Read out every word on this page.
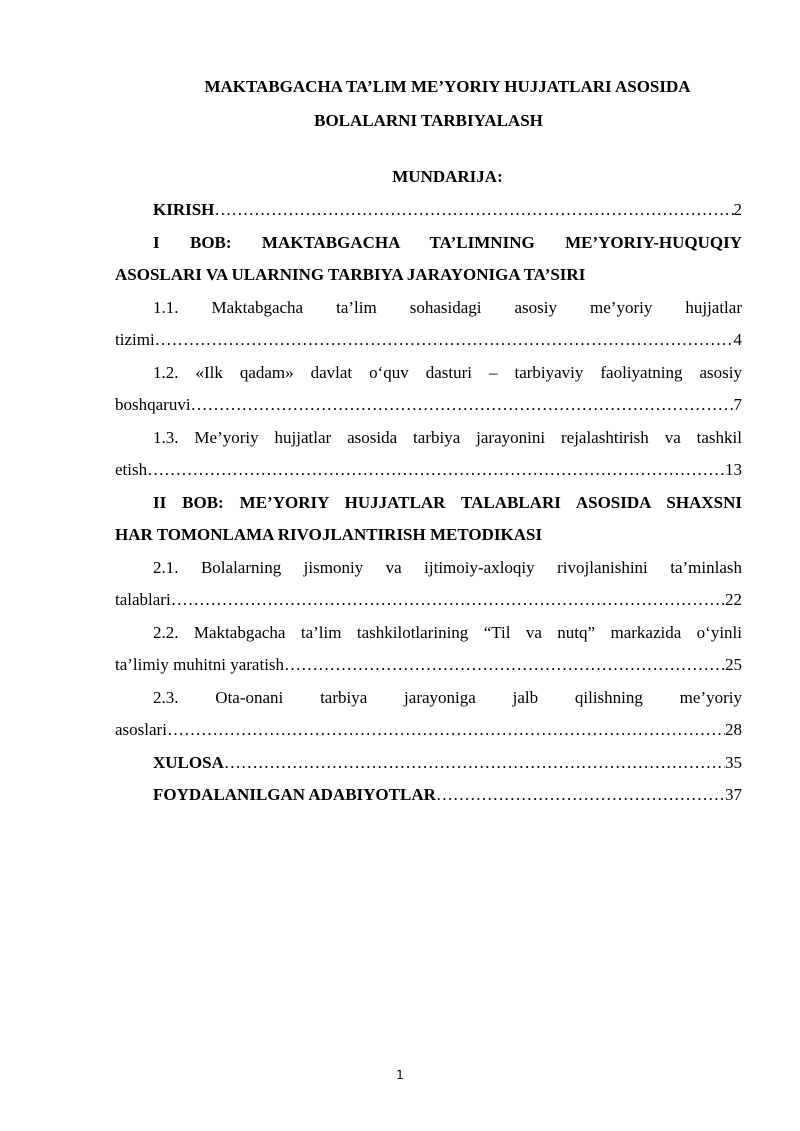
MAKTABGACHA TA’LIM ME’YORIY HUJJATLARI ASOSIDA
BOLALARNI TARBIYALASH
MUNDARIJA:
KIRISH ……………………………………………………………………………………………………………………………………………………………………	2
I BOB: MAKTABGACHA TA’LIMNING ME’YORIY-HUQUQIY
ASOSLARI VA ULARNING TARBIYA JARAYONIGA TA’SIRI
1.1. Maktabgacha ta’lim sohasidagi asosiy me’yoriy hujjatlar
tizimi ……………………………………………………………………………………………………………………………………………………………………	4
1.2. «Ilk qadam» davlat o‘quv dasturi – tarbiyaviy faoliyatning asosiy
boshqaruvi ……………………………………………………………………………………………………………………………………………………………………	7
1.3. Me’yoriy hujjatlar asosida tarbiya jarayonini rejalashtirish va tashkil
etish ……………………………………………………………………………………………………………………………………………………………………	13
II BOB: ME’YORIY HUJJATLAR TALABLARI ASOSIDA SHAXSNI
HAR TOMONLAMA RIVOJLANTIRISH METODIKASI
2.1. Bolalarning jismoniy va ijtimoiy-axloqiy rivojlanishini ta’minlash
talablari ……………………………………………………………………………………………………………………………………………………………………	22
2.2. Maktabgacha ta’lim tashkilotlarining “Til va nutq” markazida o‘yinli
ta’limiy muhitni yaratish ……………………………………………………………………………………………………………………………………………………………………	25
2.3. Ota-onani tarbiya jarayoniga jalb qilishning me’yoriy
asoslari ……………………………………………………………………………………………………………………………………………………………………	28
XULOSA ……………………………………………………………………………………………………………………………………………………………………	35
FOYDALANILGAN ADABIYOTLAR ……………………………………………………………………………………………………………………………………………………………………	37
1
